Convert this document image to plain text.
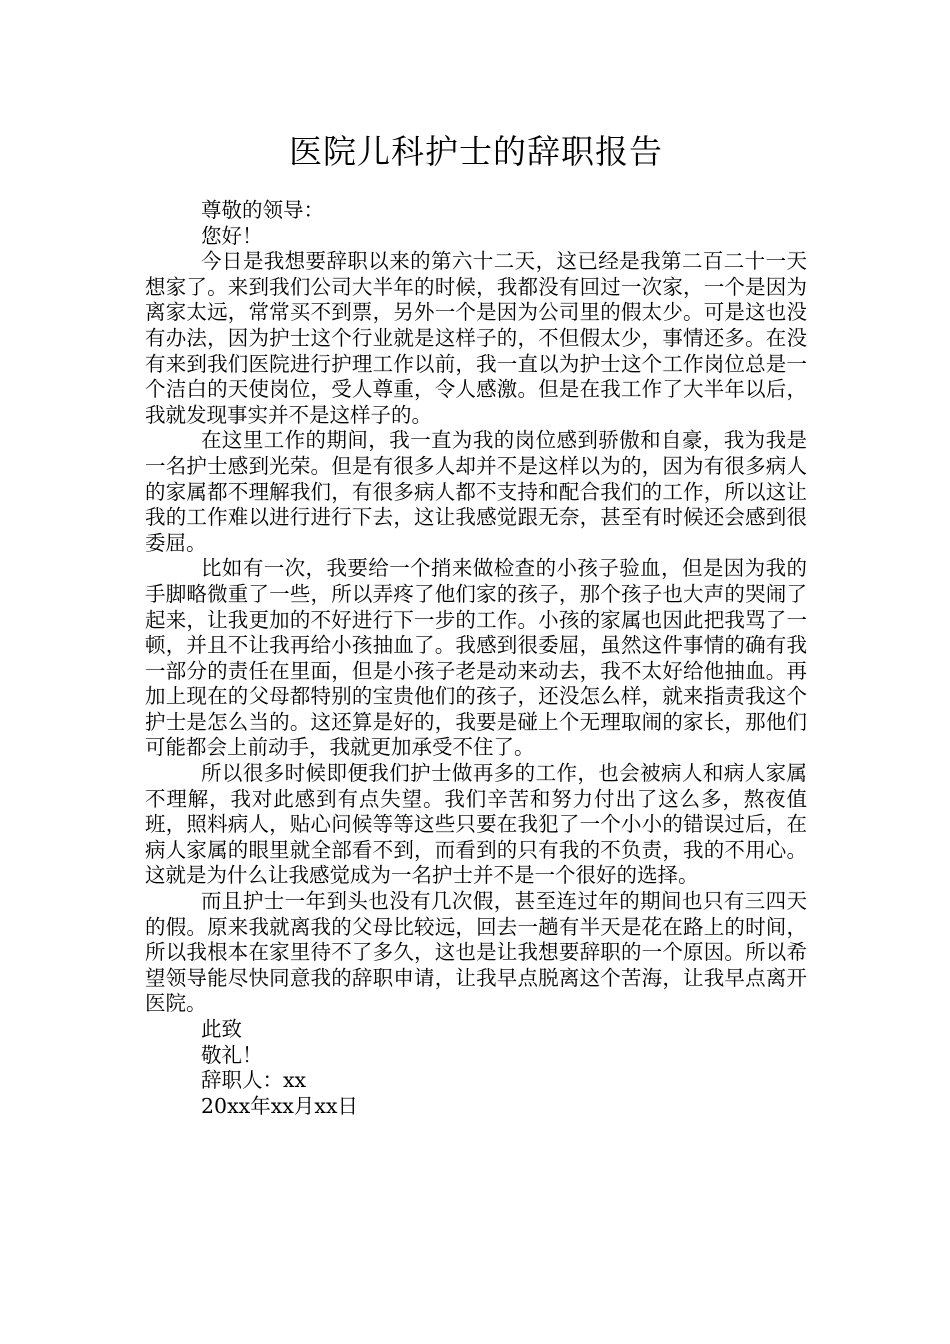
医院儿科护士的辞职报告

尊敬的领导：

您好！

今日是我想要辞职以来的第六十二天，这已经是我第二百二十一天想家了。来到我们公司大半年的时候，我都没有回过一次家，一个是因为离家太远，常常买不到票，另外一个是因为公司里的假太少。可是这也没有办法，因为护士这个行业就是这样子的，不但假太少，事情还多。在没有来到我们医院进行护理工作以前，我一直以为护士这个工作岗位总是一个洁白的天使岗位，受人尊重，令人感激。但是在我工作了大半年以后，我就发现事实并不是这样子的。

在这里工作的期间，我一直为我的岗位感到骄傲和自豪，我为我是一名护士感到光荣。但是有很多人却并不是这样以为的，因为有很多病人的家属都不理解我们，有很多病人都不支持和配合我们的工作，所以这让我的工作难以进行进行下去，这让我感觉跟无奈，甚至有时候还会感到很委屈。

比如有一次，我要给一个捎来做检查的小孩子验血，但是因为我的手脚略微重了一些，所以弄疼了他们家的孩子，那个孩子也大声的哭闹了起来，让我更加的不好进行下一步的工作。小孩的家属也因此把我骂了一顿，并且不让我再给小孩抽血了。我感到很委屈，虽然这件事情的确有我一部分的责任在里面，但是小孩子老是动来动去，我不太好给他抽血。再加上现在的父母都特别的宝贵他们的孩子，还没怎么样，就来指责我这个护士是怎么当的。这还算是好的，我要是碰上个无理取闹的家长，那他们可能都会上前动手，我就更加承受不住了。

所以很多时候即便我们护士做再多的工作，也会被病人和病人家属不理解，我对此感到有点失望。我们辛苦和努力付出了这么多，熬夜值班，照料病人，贴心问候等等这些只要在我犯了一个小小的错误过后，在病人家属的眼里就全部看不到，而看到的只有我的不负责，我的不用心。这就是为什么让我感觉成为一名护士并不是一个很好的选择。

而且护士一年到头也没有几次假，甚至连过年的期间也只有三四天的假。原来我就离我的父母比较远，回去一趟有半天是花在路上的时间，所以我根本在家里待不了多久，这也是让我想要辞职的一个原因。所以希望领导能尽快同意我的辞职申请，让我早点脱离这个苦海，让我早点离开医院。

此致

敬礼！

辞职人：xx

20xx年xx月xx日
